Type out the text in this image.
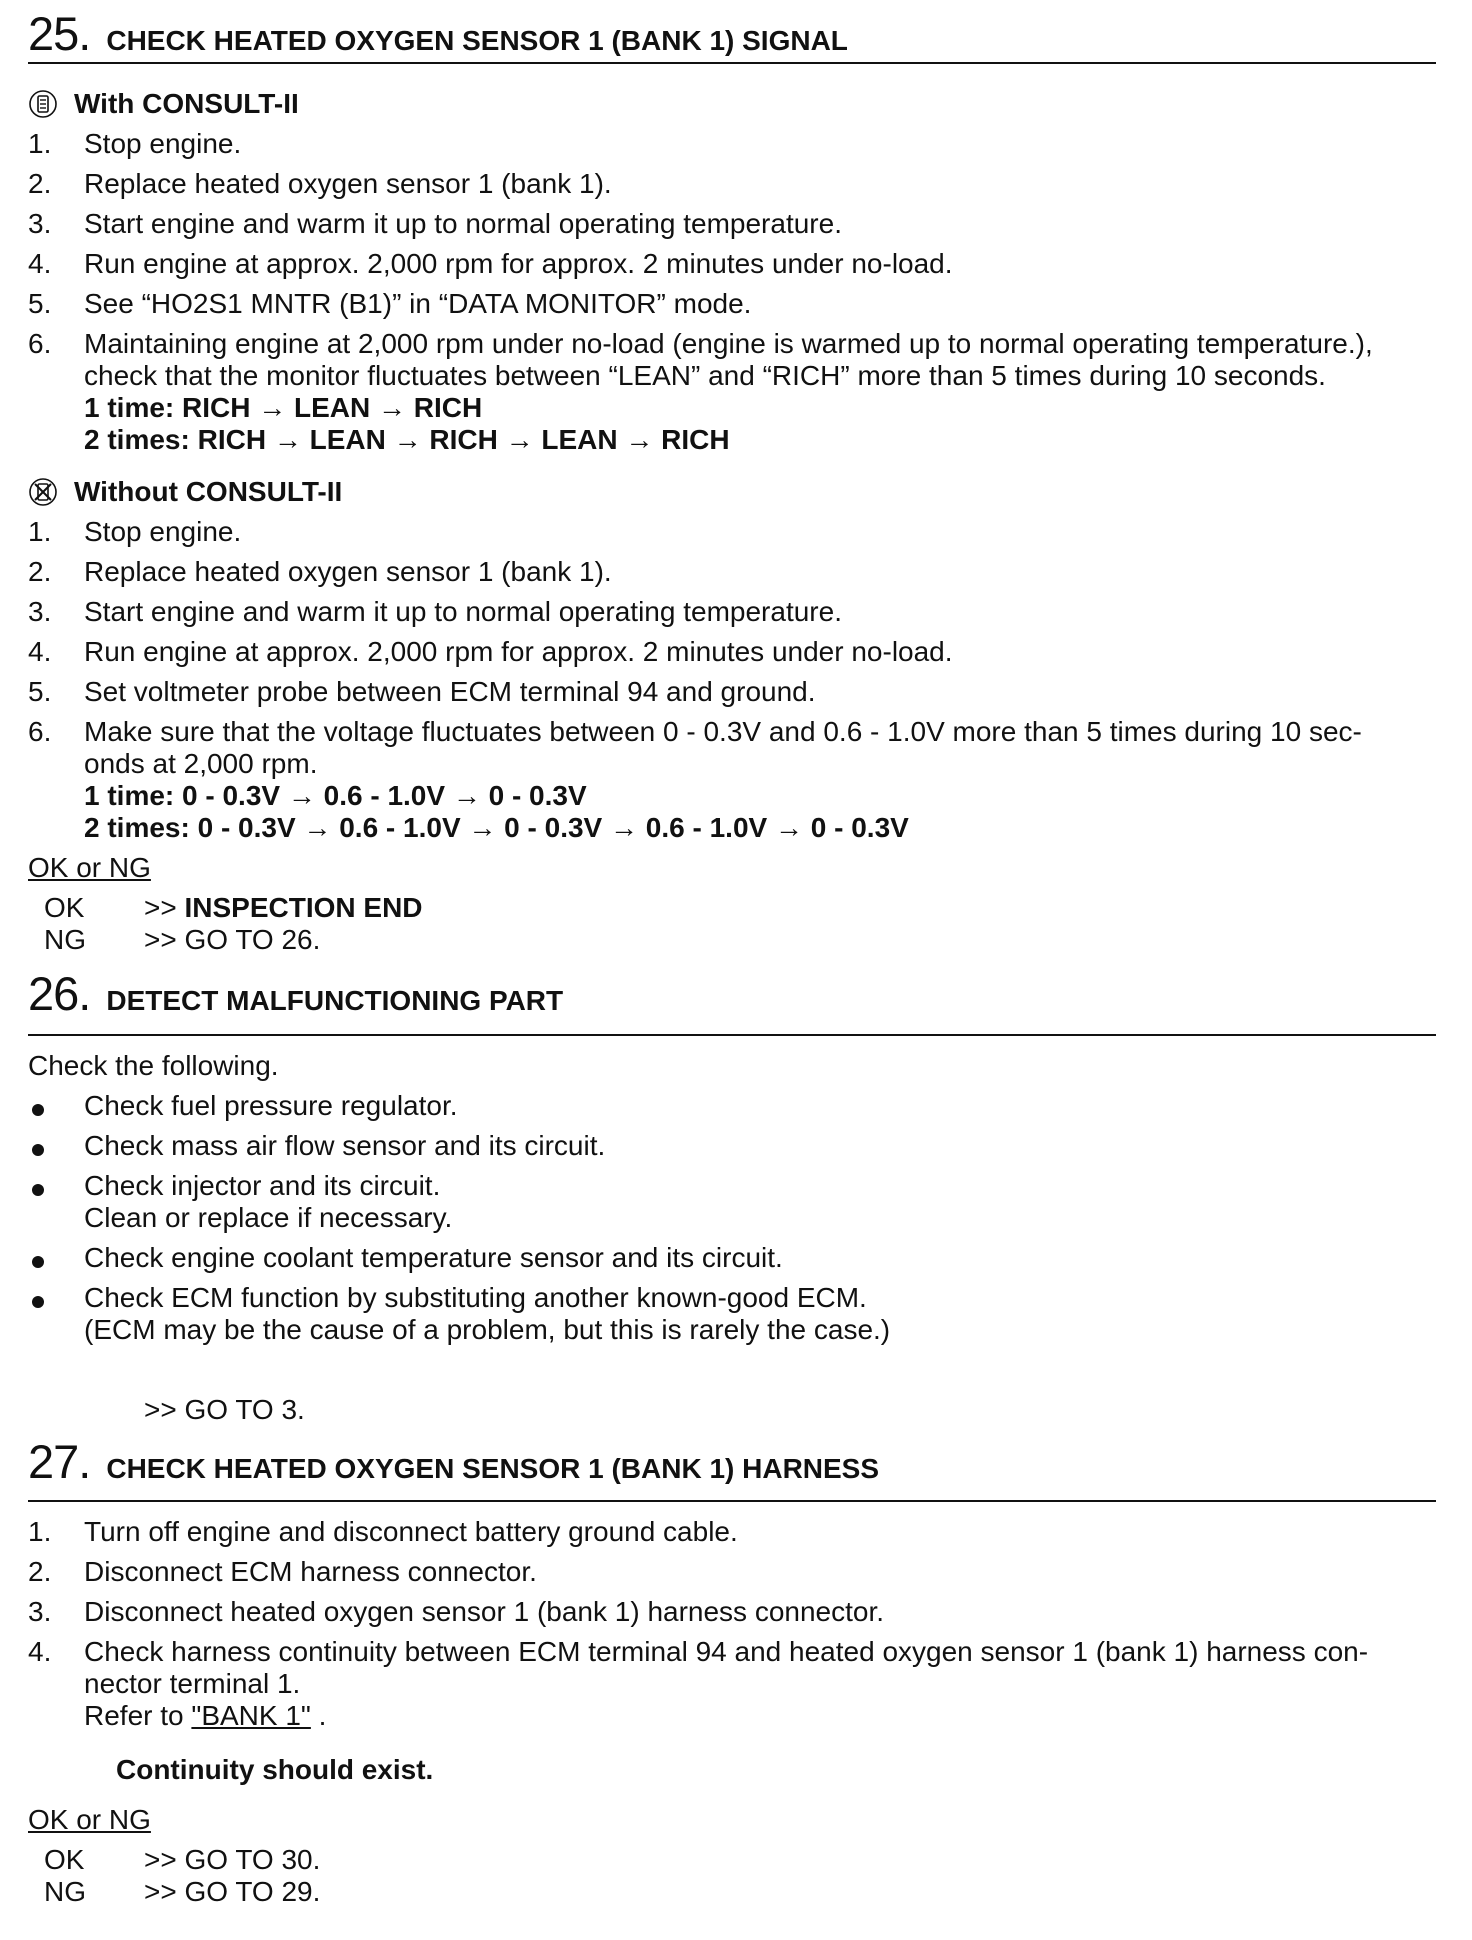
25. CHECK HEATED OXYGEN SENSOR 1 (BANK 1) SIGNAL
With CONSULT-II
1. Stop engine.
2. Replace heated oxygen sensor 1 (bank 1).
3. Start engine and warm it up to normal operating temperature.
4. Run engine at approx. 2,000 rpm for approx. 2 minutes under no-load.
5. See “HO2S1 MNTR (B1)” in “DATA MONITOR” mode.
6. Maintaining engine at 2,000 rpm under no-load (engine is warmed up to normal operating temperature.),
check that the monitor fluctuates between “LEAN” and “RICH” more than 5 times during 10 seconds.
1 time: RICH → LEAN → RICH
2 times: RICH → LEAN → RICH → LEAN → RICH
Without CONSULT-II
1. Stop engine.
2. Replace heated oxygen sensor 1 (bank 1).
3. Start engine and warm it up to normal operating temperature.
4. Run engine at approx. 2,000 rpm for approx. 2 minutes under no-load.
5. Set voltmeter probe between ECM terminal 94 and ground.
6. Make sure that the voltage fluctuates between 0 - 0.3V and 0.6 - 1.0V more than 5 times during 10 sec-
onds at 2,000 rpm.
1 time: 0 - 0.3V → 0.6 - 1.0V → 0 - 0.3V
2 times: 0 - 0.3V → 0.6 - 1.0V → 0 - 0.3V → 0.6 - 1.0V → 0 - 0.3V
OK or NG
OK >> INSPECTION END
NG >> GO TO 26.
26. DETECT MALFUNCTIONING PART
Check the following.
Check fuel pressure regulator.
Check mass air flow sensor and its circuit.
Check injector and its circuit.
Clean or replace if necessary.
Check engine coolant temperature sensor and its circuit.
Check ECM function by substituting another known-good ECM.
(ECM may be the cause of a problem, but this is rarely the case.)
>> GO TO 3.
27. CHECK HEATED OXYGEN SENSOR 1 (BANK 1) HARNESS
1. Turn off engine and disconnect battery ground cable.
2. Disconnect ECM harness connector.
3. Disconnect heated oxygen sensor 1 (bank 1) harness connector.
4. Check harness continuity between ECM terminal 94 and heated oxygen sensor 1 (bank 1) harness con-
nector terminal 1.
Refer to "BANK 1" .
Continuity should exist.
OK or NG
OK >> GO TO 30.
NG >> GO TO 29.
